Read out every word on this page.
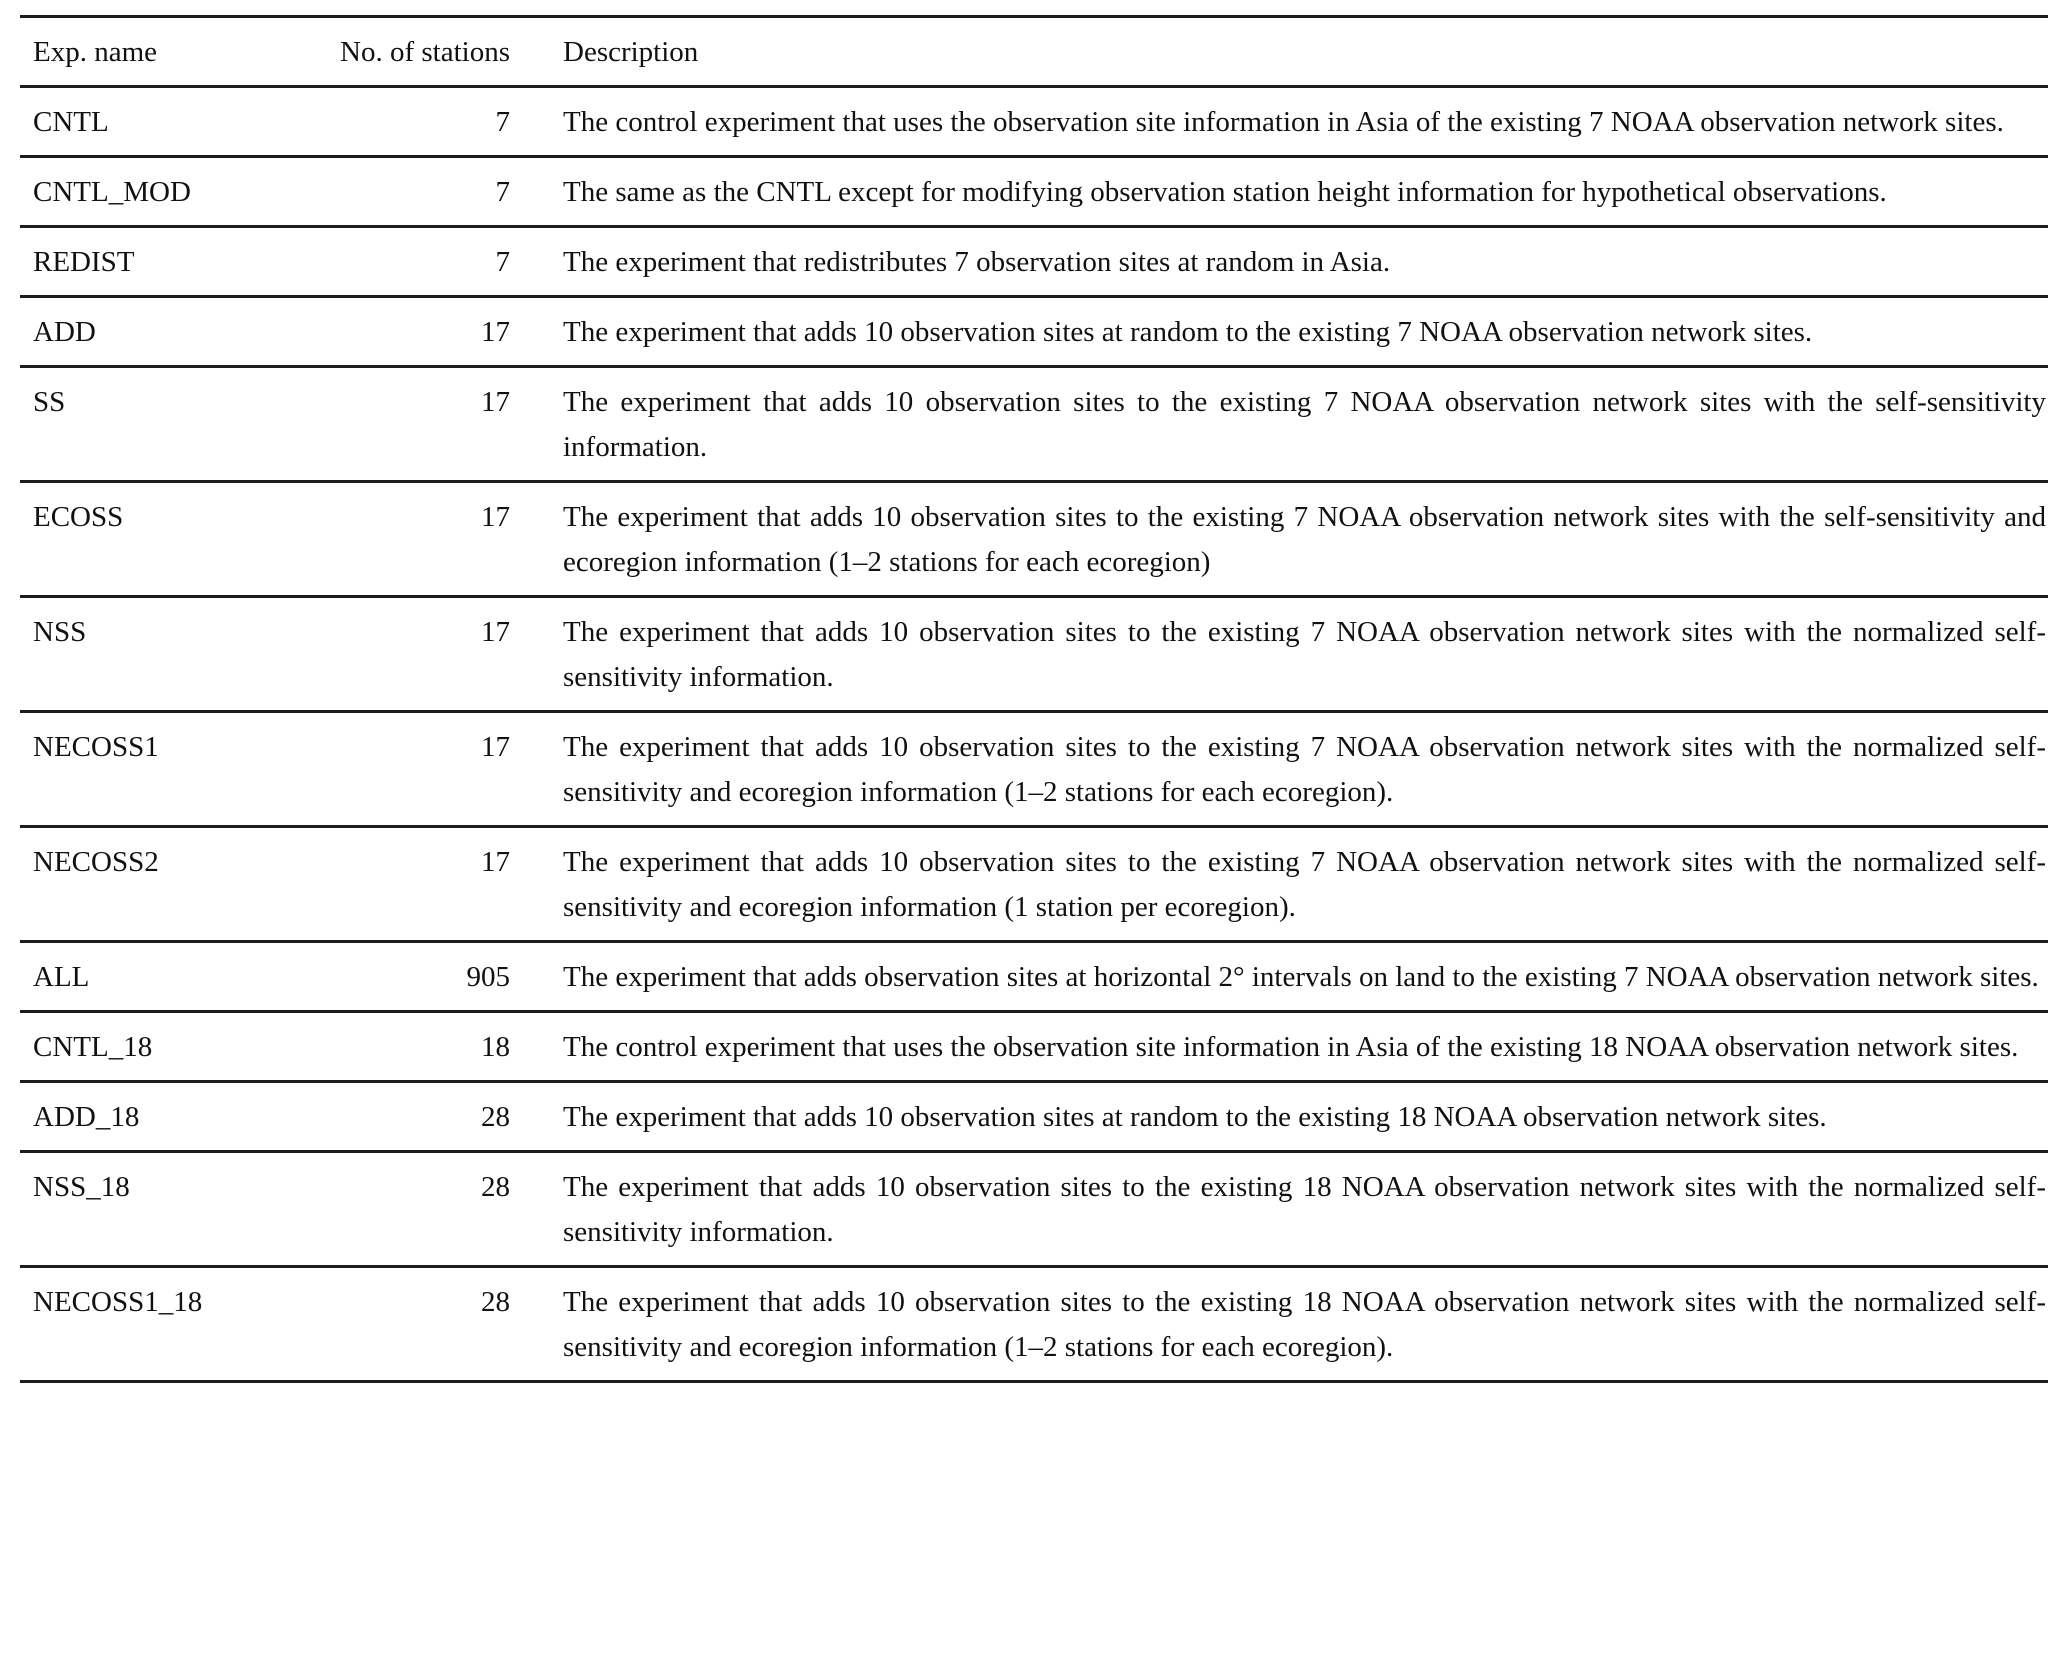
Exp. name	No. of stations	Description
CNTL	7	The control experiment that uses the observation site information in Asia of the existing 7 NOAA observation network sites.
CNTL_MOD	7	The same as the CNTL except for modifying observation station height information for hypothetical observations.
REDIST	7	The experiment that redistributes 7 observation sites at random in Asia.
ADD	17	The experiment that adds 10 observation sites at random to the existing 7 NOAA observation network sites.
SS	17	The experiment that adds 10 observation sites to the existing 7 NOAA observation network sites with the self-sensitivity information.
ECOSS	17	The experiment that adds 10 observation sites to the existing 7 NOAA observation network sites with the self-sensitivity and ecoregion information (1–2 stations for each ecoregion)
NSS	17	The experiment that adds 10 observation sites to the existing 7 NOAA observation network sites with the normalized self-sensitivity information.
NECOSS1	17	The experiment that adds 10 observation sites to the existing 7 NOAA observation network sites with the normalized self-sensitivity and ecoregion information (1–2 stations for each ecoregion).
NECOSS2	17	The experiment that adds 10 observation sites to the existing 7 NOAA observation network sites with the normalized self-sensitivity and ecoregion information (1 station per ecoregion).
ALL	905	The experiment that adds observation sites at horizontal 2° intervals on land to the existing 7 NOAA observation network sites.
CNTL_18	18	The control experiment that uses the observation site information in Asia of the existing 18 NOAA observation network sites.
ADD_18	28	The experiment that adds 10 observation sites at random to the existing 18 NOAA observation network sites.
NSS_18	28	The experiment that adds 10 observation sites to the existing 18 NOAA observation network sites with the normalized self-sensitivity information.
NECOSS1_18	28	The experiment that adds 10 observation sites to the existing 18 NOAA observation network sites with the normalized self-sensitivity and ecoregion information (1–2 stations for each ecoregion).
